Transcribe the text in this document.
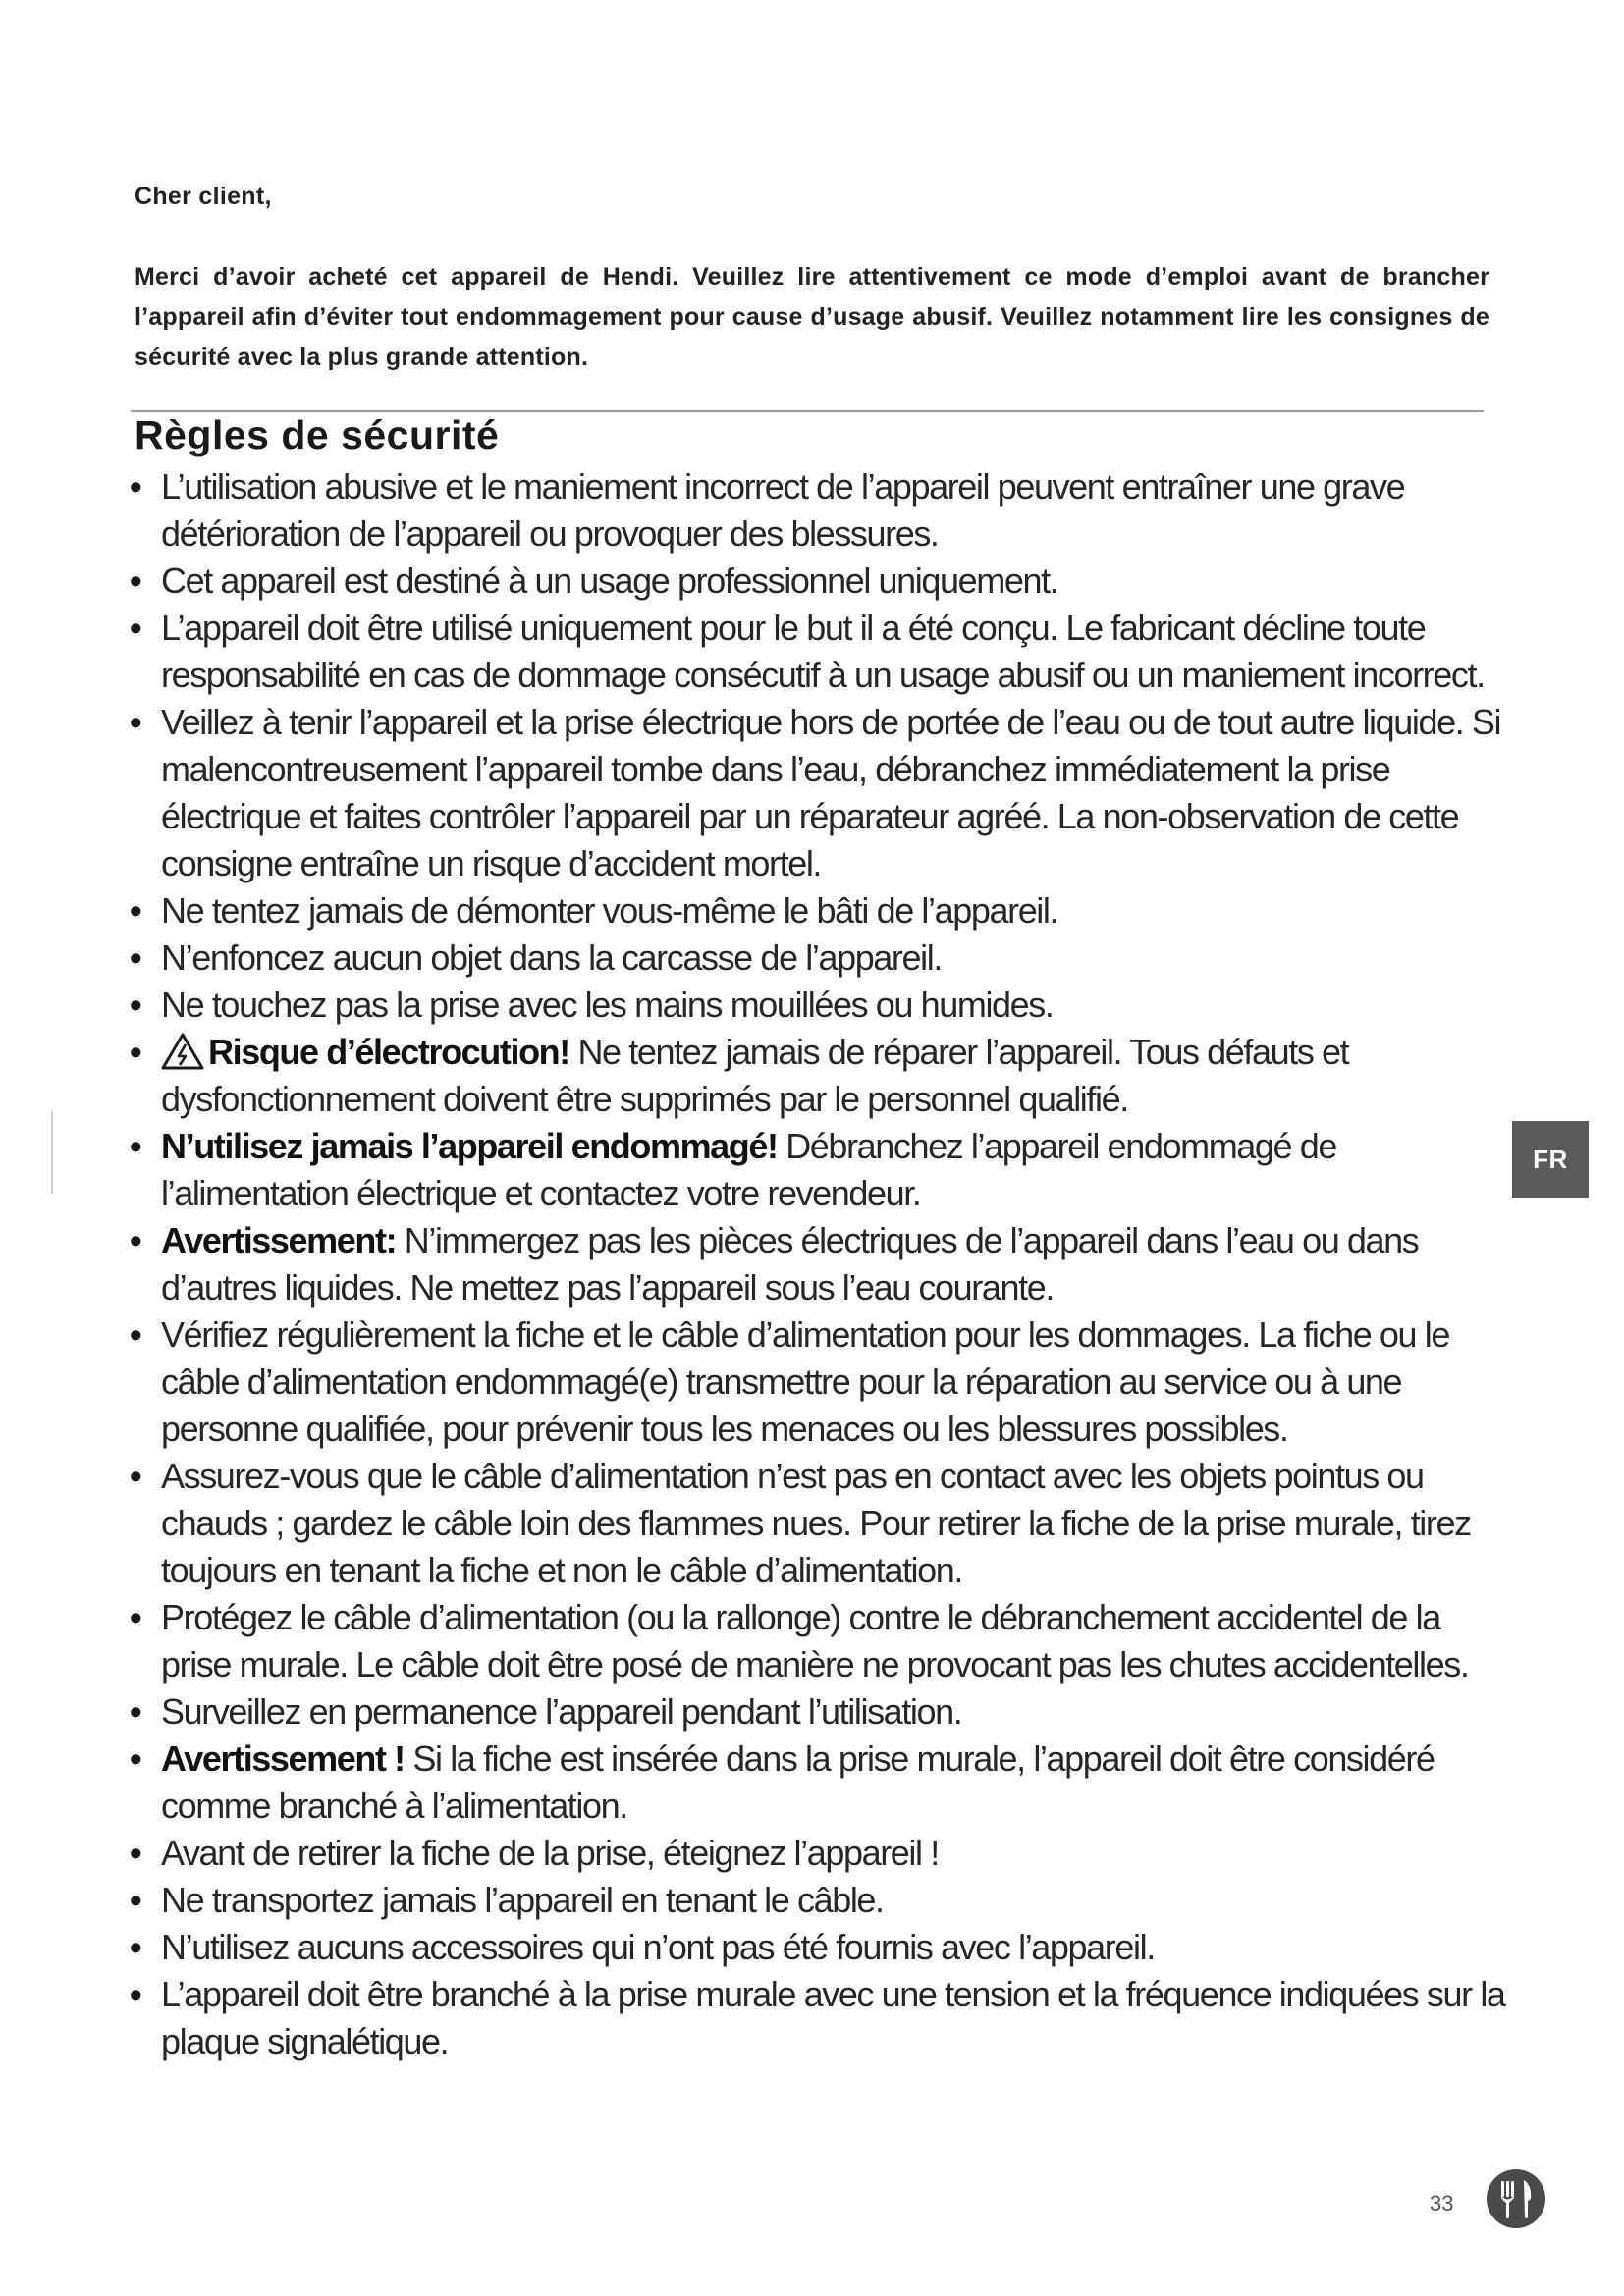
Cher client,
Merci d’avoir acheté cet appareil de Hendi. Veuillez lire attentivement ce mode d’emploi avant de brancher l’appareil afin d’éviter tout endommagement pour cause d’usage abusif. Veuillez notamment lire les consignes de sécurité avec la plus grande attention.
Règles de sécurité
• L’utilisation abusive et le maniement incorrect de l’appareil peuvent entraîner une grave détérioration de l’appareil ou provoquer des blessures.
• Cet appareil est destiné à un usage professionnel uniquement.
• L’appareil doit être utilisé uniquement pour le but il a été conçu. Le fabricant décline toute responsabilité en cas de dommage consécutif à un usage abusif ou un maniement incorrect.
• Veillez à tenir l’appareil et la prise électrique hors de portée de l’eau ou de tout autre liquide. Si malencontreusement l’appareil tombe dans l’eau, débranchez immédiatement la prise électrique et faites contrôler l’appareil par un réparateur agréé. La non-observation de cette consigne entraîne un risque d’accident mortel.
• Ne tentez jamais de démonter vous-même le bâti de l’appareil.
• N’enfoncez aucun objet dans la carcasse de l’appareil.
• Ne touchez pas la prise avec les mains mouillées ou humides.
• Risque d’électrocution! Ne tentez jamais de réparer l’appareil. Tous défauts et dysfonctionnement doivent être supprimés par le personnel qualifié.
• N’utilisez jamais l’appareil endommagé! Débranchez l’appareil endommagé de l’alimentation électrique et contactez votre revendeur.
• Avertissement: N’immergez pas les pièces électriques de l’appareil dans l’eau ou dans d’autres liquides. Ne mettez pas l’appareil sous l’eau courante.
• Vérifiez régulièrement la fiche et le câble d’alimentation pour les dommages. La fiche ou le câble d’alimentation endommagé(e) transmettre pour la réparation au service ou à une personne qualifiée, pour prévenir tous les menaces ou les blessures possibles.
• Assurez-vous que le câble d’alimentation n’est pas en contact avec les objets pointus ou chauds ; gardez le câble loin des flammes nues. Pour retirer la fiche de la prise murale, tirez toujours en tenant la fiche et non le câble d’alimentation.
• Protégez le câble d’alimentation (ou la rallonge) contre le débranchement accidentel de la prise murale. Le câble doit être posé de manière ne provocant pas les chutes accidentelles.
• Surveillez en permanence l’appareil pendant l’utilisation.
• Avertissement ! Si la fiche est insérée dans la prise murale, l’appareil doit être considéré comme branché à l’alimentation.
• Avant de retirer la fiche de la prise, éteignez l’appareil !
• Ne transportez jamais l’appareil en tenant le câble.
• N’utilisez aucuns accessoires qui n’ont pas été fournis avec l’appareil.
• L’appareil doit être branché à la prise murale avec une tension et la fréquence indiquées sur la plaque signalétique.
FR
33
